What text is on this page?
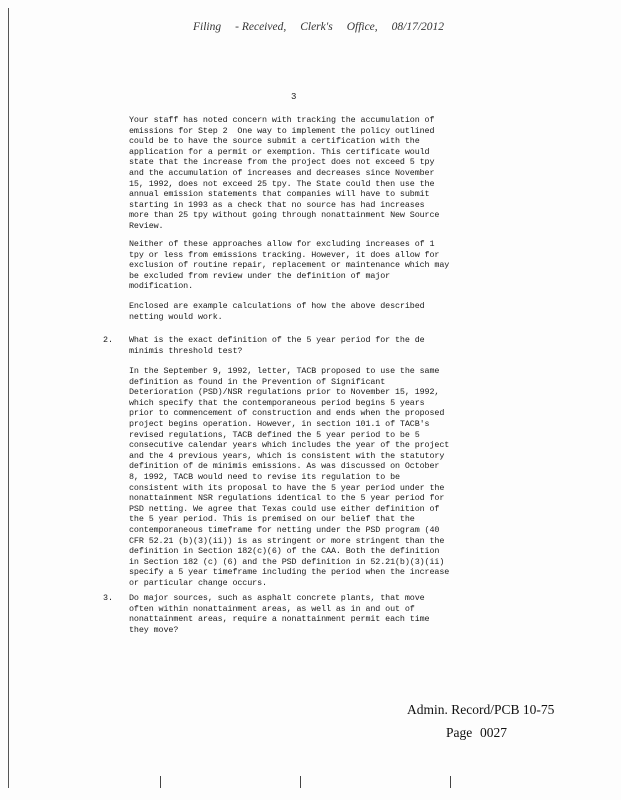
Filing - Received, Clerk's Office, 08/17/2012
3
Your staff has noted concern with tracking the accumulation of
emissions for Step 2  One way to implement the policy outlined
could be to have the source submit a certification with the
application for a permit or exemption. This certificate would
state that the increase from the project does not exceed 5 tpy
and the accumulation of increases and decreases since November
15, 1992, does not exceed 25 tpy. The State could then use the
annual emission statements that companies will have to submit
starting in 1993 as a check that no source has had increases
more than 25 tpy without going through nonattainment New Source
Review.
Neither of these approaches allow for excluding increases of 1
tpy or less from emissions tracking. However, it does allow for
exclusion of routine repair, replacement or maintenance which may
be excluded from review under the definition of major
modification.
Enclosed are example calculations of how the above described
netting would work.
2. What is the exact definition of the 5 year period for the de
minimis threshold test?
In the September 9, 1992, letter, TACB proposed to use the same
definition as found in the Prevention of Significant
Deterioration (PSD)/NSR regulations prior to November 15, 1992,
which specify that the contemporaneous period begins 5 years
prior to commencement of construction and ends when the proposed
project begins operation. However, in section 101.1 of TACB's
revised regulations, TACB defined the 5 year period to be 5
consecutive calendar years which includes the year of the project
and the 4 previous years, which is consistent with the statutory
definition of de minimis emissions. As was discussed on October
8, 1992, TACB would need to revise its regulation to be
consistent with its proposal to have the 5 year period under the
nonattainment NSR regulations identical to the 5 year period for
PSD netting. We agree that Texas could use either definition of
the 5 year period. This is premised on our belief that the
contemporaneous timeframe for netting under the PSD program (40
CFR 52.21 (b)(3)(ii)) is as stringent or more stringent than the
definition in Section 182(c)(6) of the CAA. Both the definition
in Section 182 (c) (6) and the PSD definition in 52.21(b)(3)(ii)
specify a 5 year timeframe including the period when the increase
or particular change occurs.
3. Do major sources, such as asphalt concrete plants, that move
often within nonattainment areas, as well as in and out of
nonattainment areas, require a nonattainment permit each time
they move?
Admin. Record/PCB 10-75
Page 0027
